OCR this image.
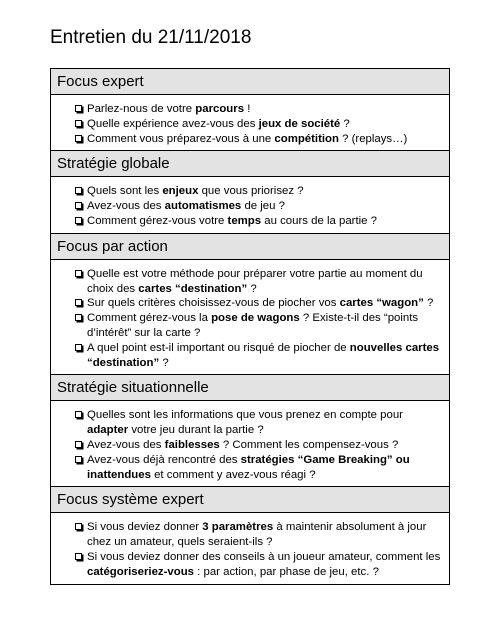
Entretien du 21/11/2018
Focus expert
Parlez-nous de votre parcours !
Quelle expérience avez-vous des jeux de société ?
Comment vous préparez-vous à une compétition ? (replays…)
Stratégie globale
Quels sont les enjeux que vous priorisez ?
Avez-vous des automatismes de jeu ?
Comment gérez-vous votre temps au cours de la partie ?
Focus par action
Quelle est votre méthode pour préparer votre partie au moment du choix des cartes “destination” ?
Sur quels critères choisissez-vous de piocher vos cartes “wagon” ?
Comment gérez-vous la pose de wagons ? Existe-t-il des “points d’intérêt” sur la carte ?
A quel point est-il important ou risqué de piocher de nouvelles cartes “destination” ?
Stratégie situationnelle
Quelles sont les informations que vous prenez en compte pour adapter votre jeu durant la partie ?
Avez-vous des faiblesses ? Comment les compensez-vous ?
Avez-vous déjà rencontré des stratégies “Game Breaking” ou inattendues et comment y avez-vous réagi ?
Focus système expert
Si vous deviez donner 3 paramètres à maintenir absolument à jour chez un amateur, quels seraient-ils ?
Si vous deviez donner des conseils à un joueur amateur, comment les catégoriseriez-vous : par action, par phase de jeu, etc. ?
